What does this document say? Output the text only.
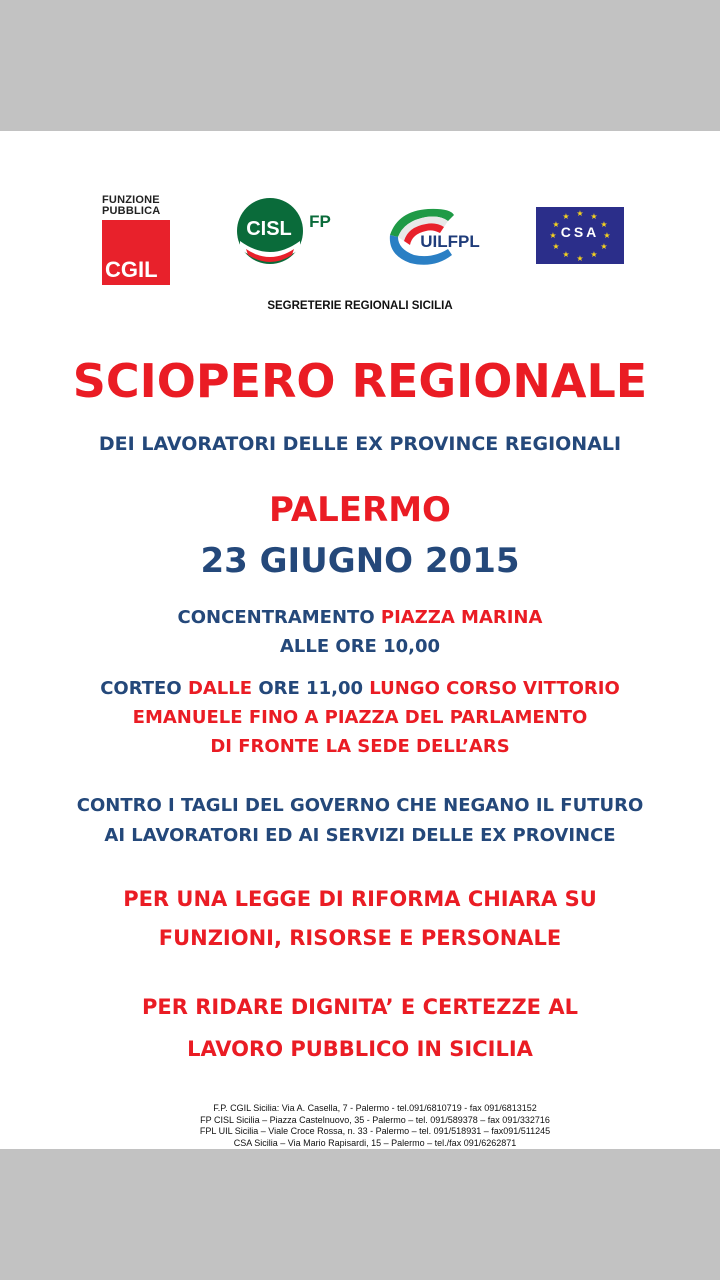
FUNZIONE
PUBBLICA
CGIL
CISL FP
UILFPL
★ ★
★
★
★
★
★
★
★
★
★
★
CSA
SEGRETERIE REGIONALI SICILIA
SCIOPERO REGIONALE
DEI LAVORATORI DELLE EX PROVINCE REGIONALI
PALERMO
23 GIUGNO 2015
CONCENTRAMENTO PIAZZA MARINA
ALLE ORE 10,00
CORTEO DALLE ORE 11,00 LUNGO CORSO VITTORIO
EMANUELE FINO A PIAZZA DEL PARLAMENTO
DI FRONTE LA SEDE DELL’ARS
CONTRO I TAGLI DEL GOVERNO CHE NEGANO IL FUTURO
AI LAVORATORI ED AI SERVIZI DELLE EX PROVINCE
PER UNA LEGGE DI RIFORMA CHIARA SU
FUNZIONI, RISORSE E PERSONALE
PER RIDARE DIGNITA’ E CERTEZZE AL
LAVORO PUBBLICO IN SICILIA
F.P. CGIL Sicilia: Via A. Casella, 7 - Palermo - tel.091/6810719 - fax 091/6813152
FP CISL Sicilia – Piazza Castelnuovo, 35 - Palermo – tel. 091/589378 – fax 091/332716
FPL UIL Sicilia – Viale Croce Rossa, n. 33 - Palermo – tel. 091/518931 – fax091/511245
CSA Sicilia – Via Mario Rapisardi, 15 – Palermo – tel./fax 091/6262871
